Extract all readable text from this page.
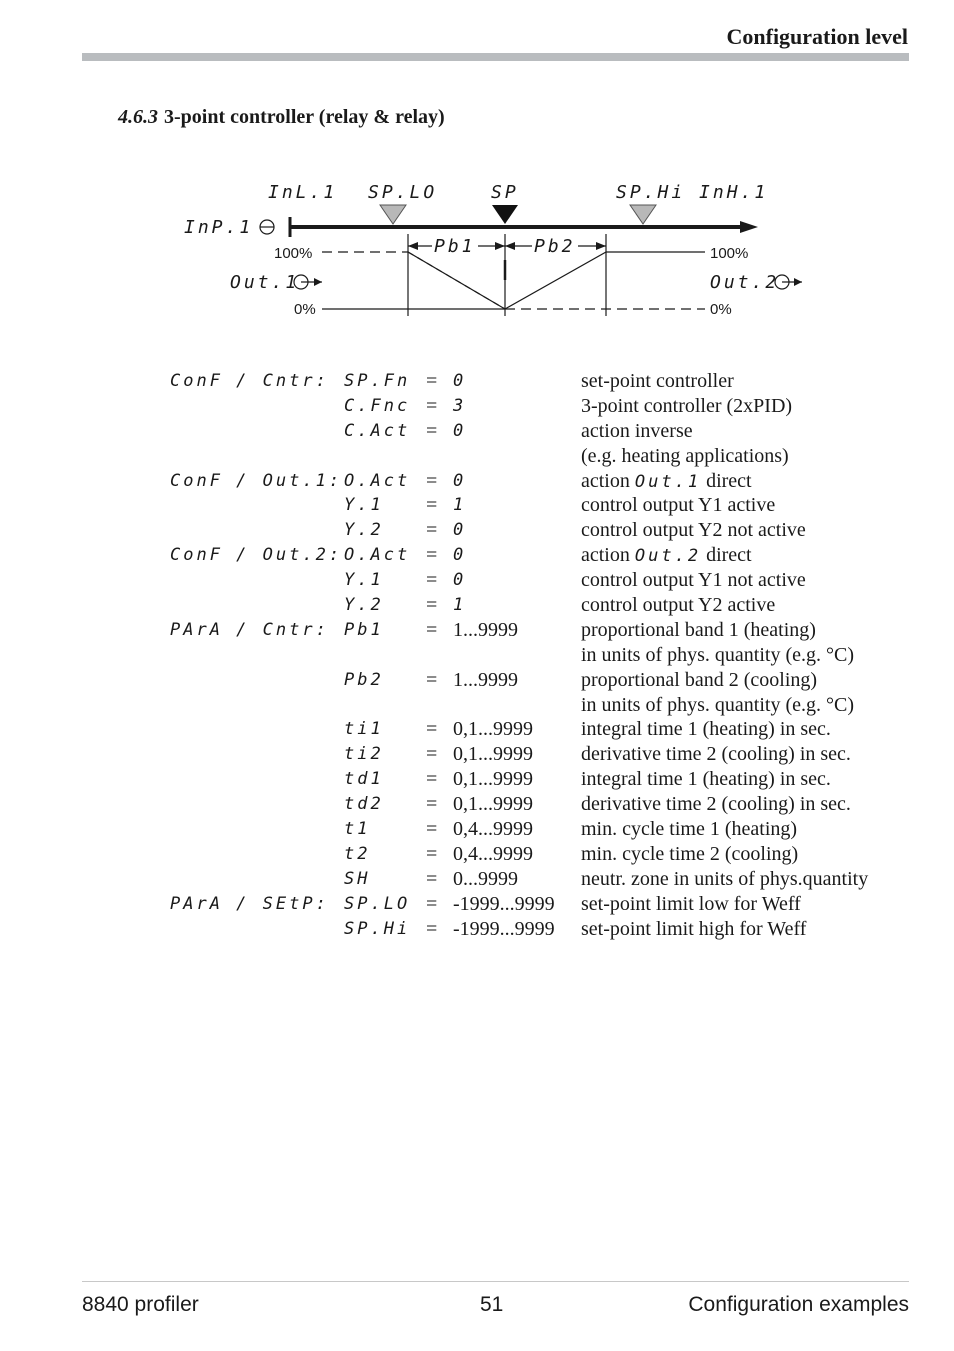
Configuration level
4.6.3 3-point controller (relay & relay)
InL.1 SP.LO	SP	SP.Hi InH.1
InP.1
Out.1	Out.2
Pb1	Pb2
100%
0%
100%
0%
ConF / Cntr: SP.Fn = 0	set-point controller
C.Fnc = 3	3-point controller (2xPID)
C.Act = 0	action inverse
(e.g. heating applications)
ConF / Out.1: O.Act = 0	action Out.1 direct
Y.1 = 1	control output Y1 active
Y.2 = 0	control output Y2 not active
ConF / Out.2: O.Act = 0	action Out.2 direct
Y.1 = 0	control output Y1 not active
Y.2 = 1	control output Y2 active
PArA / Cntr: Pb1 = 1...9999	proportional band 1 (heating)
in units of phys. quantity (e.g. °C)
Pb2 = 1...9999	proportional band 2 (cooling)
in units of phys. quantity (e.g. °C)
ti1 = 0,1...9999 integral time 1 (heating) in sec.
ti2 = 0,1...9999 derivative time 2 (cooling) in sec.
td1 = 0,1...9999 integral time 1 (heating) in sec.
td2 = 0,1...9999 derivative time 2 (cooling) in sec.
t1	= 0,4...9999 min. cycle time 1 (heating)
t2	= 0,4...9999 min. cycle time 2 (cooling)
SH	= 0...9999	neutr. zone in units of phys.quantity
PArA / SEtP: SP.LO = -1999...9999 set-point limit low for Weff
SP.Hi = -1999...9999 set-point limit high for Weff
8840 profiler	51	Configuration examples
